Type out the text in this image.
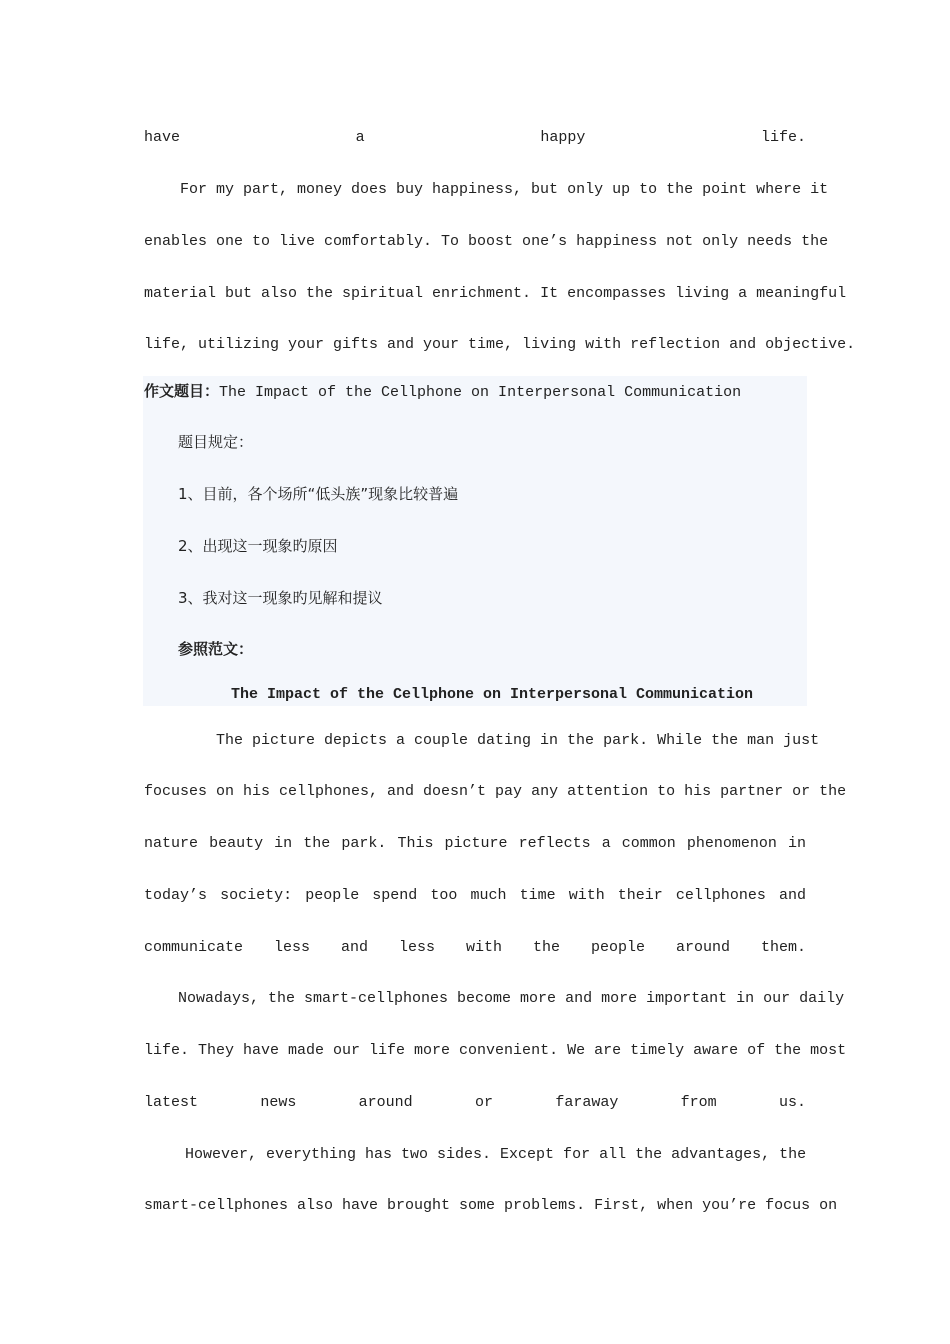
have a happy life.

For my part, money does buy happiness, but only up to the point where it

enables one to live comfortably. To boost one’s happiness not only needs the

material but also the spiritual enrichment. It encompasses living a meaningful

life, utilizing your gifts and your time, living with reflection and objective.

作文题目：The Impact of the Cellphone on Interpersonal Communication

题目规定：

1、目前，各个场所“低头族”现象比较普遍

2、出现这一现象旳原因

3、我对这一现象旳见解和提议

参照范文：

The Impact of the Cellphone on Interpersonal Communication

The picture depicts a couple dating in the park. While the man just

focuses on his cellphones, and doesn’t pay any attention to his partner or the

nature beauty in the park. This picture reflects a common phenomenon in

today’s society: people spend too much time with their cellphones and

communicate less and less with the people around them.

Nowadays, the smart-cellphones become more and more important in our daily

life. They have made our life more convenient. We are timely aware of the most

latest news around or faraway from us.

However, everything has two sides. Except for all the advantages, the

smart-cellphones also have brought some problems. First, when you’re focus on
